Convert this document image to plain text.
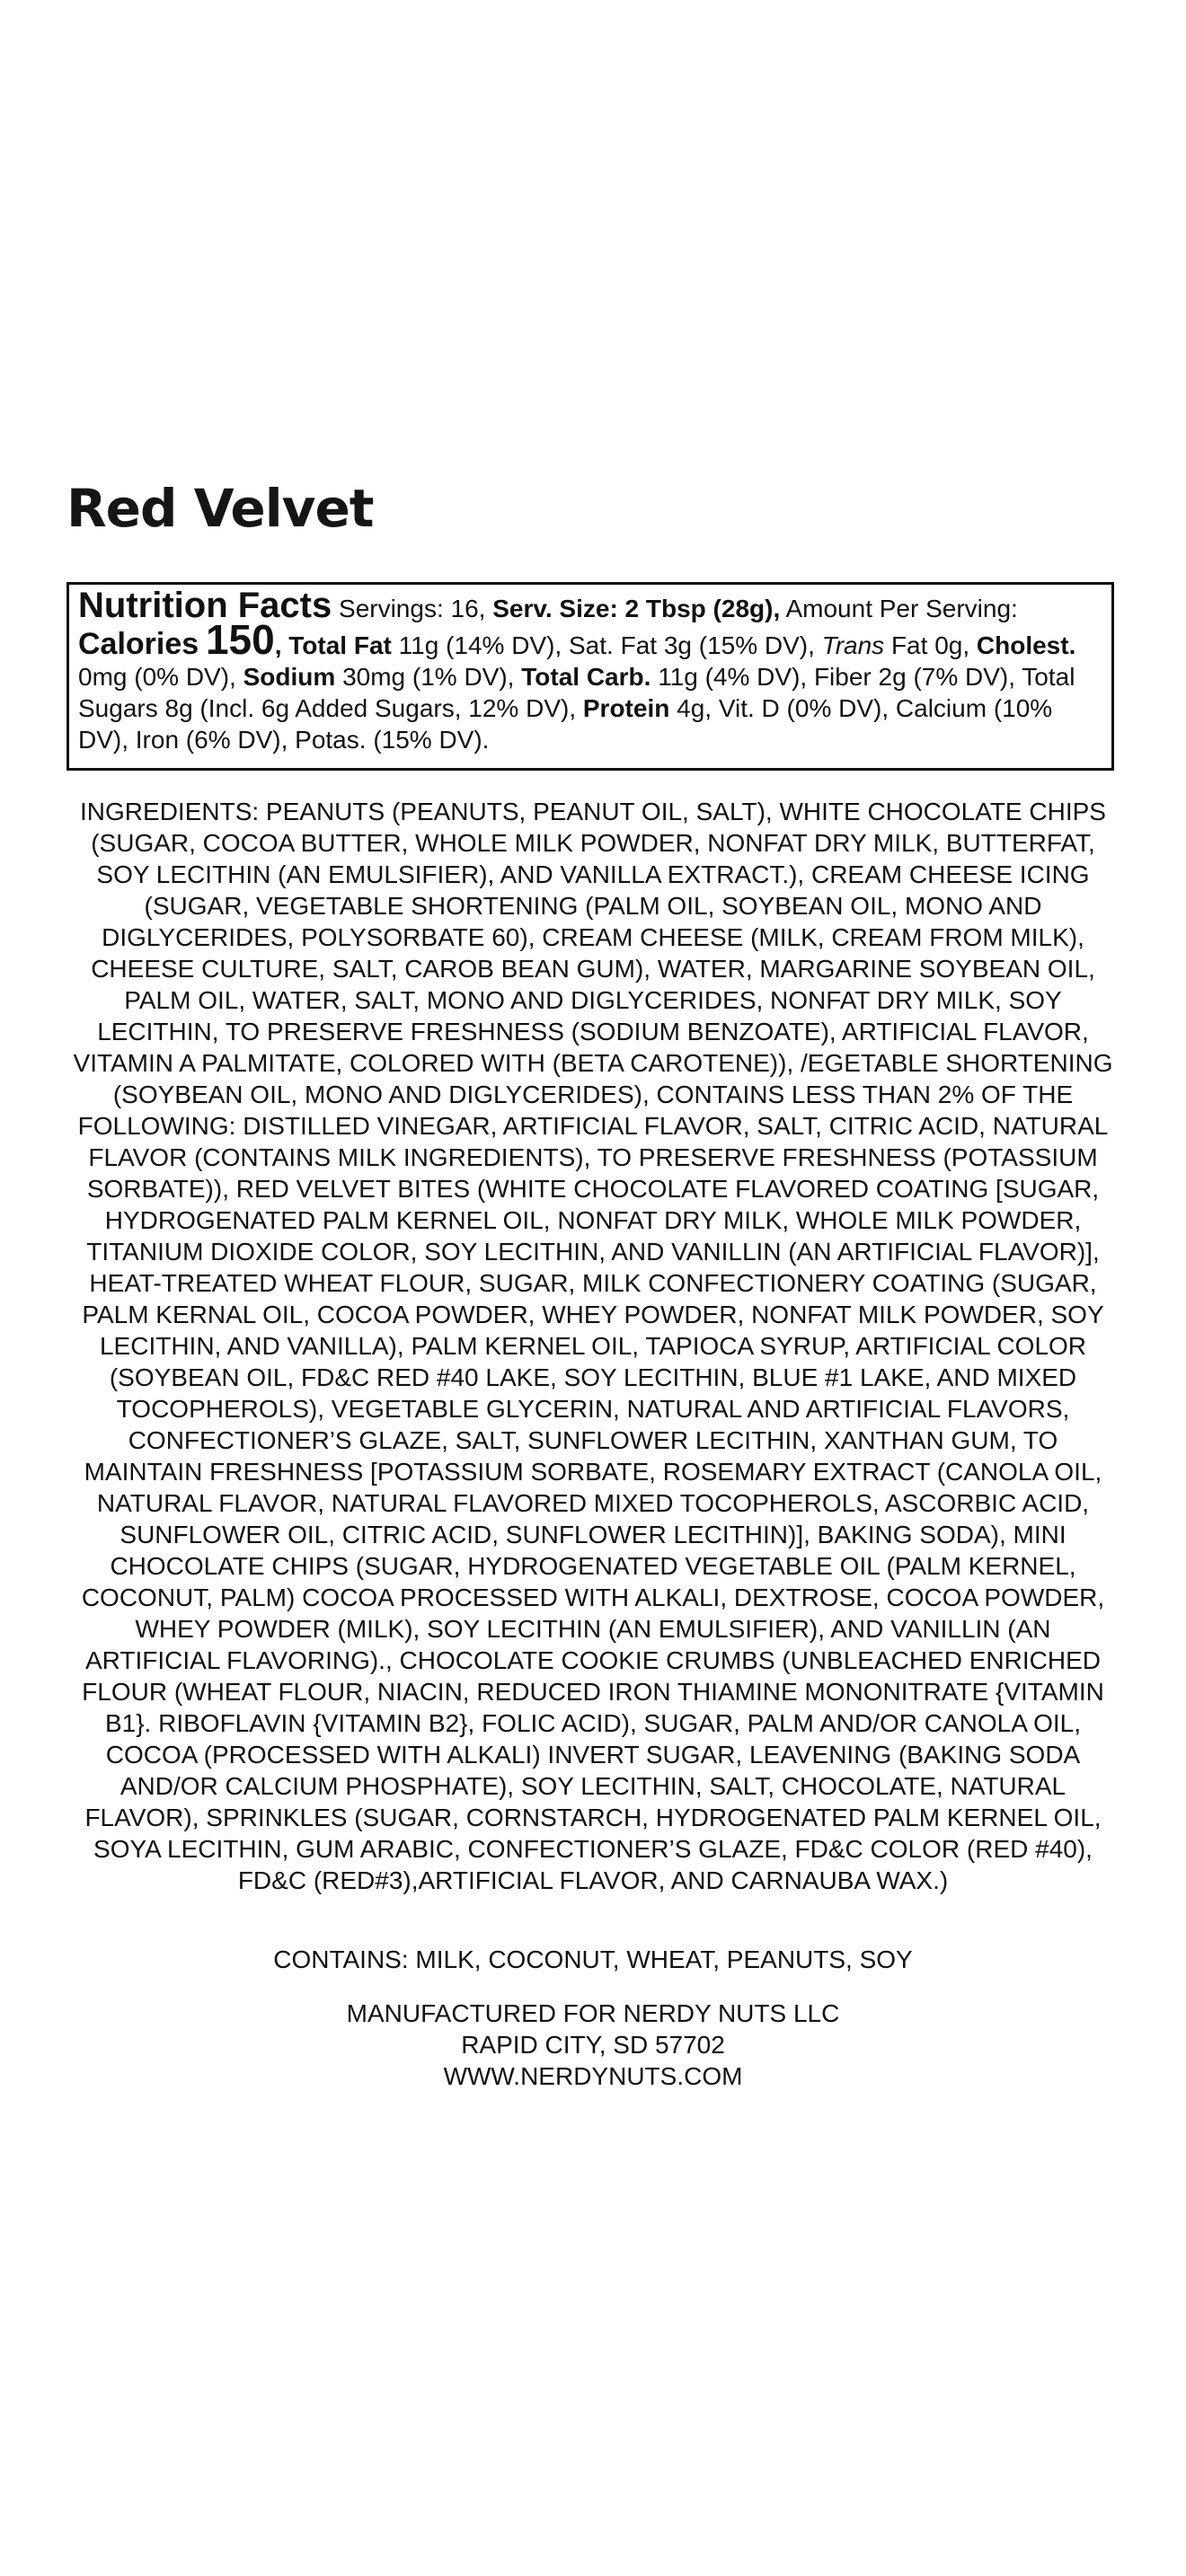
Red Velvet
Nutrition Facts Servings: 16, Serv. Size: 2 Tbsp (28g), Amount Per Serving: Calories 150, Total Fat 11g (14% DV), Sat. Fat 3g (15% DV), Trans Fat 0g, Cholest. 0mg (0% DV), Sodium 30mg (1% DV), Total Carb. 11g (4% DV), Fiber 2g (7% DV), Total Sugars 8g (Incl. 6g Added Sugars, 12% DV), Protein 4g, Vit. D (0% DV), Calcium (10% DV), Iron (6% DV), Potas. (15% DV).

INGREDIENTS: PEANUTS (PEANUTS, PEANUT OIL, SALT), WHITE CHOCOLATE CHIPS (SUGAR, COCOA BUTTER, WHOLE MILK POWDER, NONFAT DRY MILK, BUTTERFAT, SOY LECITHIN (AN EMULSIFIER), AND VANILLA EXTRACT.), CREAM CHEESE ICING (SUGAR, VEGETABLE SHORTENING (PALM OIL, SOYBEAN OIL, MONO AND DIGLYCERIDES, POLYSORBATE 60), CREAM CHEESE (MILK, CREAM FROM MILK), CHEESE CULTURE, SALT, CAROB BEAN GUM), WATER, MARGARINE SOYBEAN OIL, PALM OIL, WATER, SALT, MONO AND DIGLYCERIDES, NONFAT DRY MILK, SOY LECITHIN, TO PRESERVE FRESHNESS (SODIUM BENZOATE), ARTIFICIAL FLAVOR, VITAMIN A PALMITATE, COLORED WITH (BETA CAROTENE)), /EGETABLE SHORTENING (SOYBEAN OIL, MONO AND DIGLYCERIDES), CONTAINS LESS THAN 2% OF THE FOLLOWING: DISTILLED VINEGAR, ARTIFICIAL FLAVOR, SALT, CITRIC ACID, NATURAL FLAVOR (CONTAINS MILK INGREDIENTS), TO PRESERVE FRESHNESS (POTASSIUM SORBATE)), RED VELVET BITES (WHITE CHOCOLATE FLAVORED COATING [SUGAR, HYDROGENATED PALM KERNEL OIL, NONFAT DRY MILK, WHOLE MILK POWDER, TITANIUM DIOXIDE COLOR, SOY LECITHIN, AND VANILLIN (AN ARTIFICIAL FLAVOR)], HEAT-TREATED WHEAT FLOUR, SUGAR, MILK CONFECTIONERY COATING (SUGAR, PALM KERNAL OIL, COCOA POWDER, WHEY POWDER, NONFAT MILK POWDER, SOY LECITHIN, AND VANILLA), PALM KERNEL OIL, TAPIOCA SYRUP, ARTIFICIAL COLOR (SOYBEAN OIL, FD&C RED #40 LAKE, SOY LECITHIN, BLUE #1 LAKE, AND MIXED TOCOPHEROLS), VEGETABLE GLYCERIN, NATURAL AND ARTIFICIAL FLAVORS, CONFECTIONER’S GLAZE, SALT, SUNFLOWER LECITHIN, XANTHAN GUM, TO MAINTAIN FRESHNESS [POTASSIUM SORBATE, ROSEMARY EXTRACT (CANOLA OIL, NATURAL FLAVOR, NATURAL FLAVORED MIXED TOCOPHEROLS, ASCORBIC ACID, SUNFLOWER OIL, CITRIC ACID, SUNFLOWER LECITHIN)], BAKING SODA), MINI CHOCOLATE CHIPS (SUGAR, HYDROGENATED VEGETABLE OIL (PALM KERNEL, COCONUT, PALM) COCOA PROCESSED WITH ALKALI, DEXTROSE, COCOA POWDER, WHEY POWDER (MILK), SOY LECITHIN (AN EMULSIFIER), AND VANILLIN (AN ARTIFICIAL FLAVORING)., CHOCOLATE COOKIE CRUMBS (UNBLEACHED ENRICHED FLOUR (WHEAT FLOUR, NIACIN, REDUCED IRON THIAMINE MONONITRATE {VITAMIN B1}. RIBOFLAVIN {VITAMIN B2}, FOLIC ACID), SUGAR, PALM AND/OR CANOLA OIL, COCOA (PROCESSED WITH ALKALI) INVERT SUGAR, LEAVENING (BAKING SODA AND/OR CALCIUM PHOSPHATE), SOY LECITHIN, SALT, CHOCOLATE, NATURAL FLAVOR), SPRINKLES (SUGAR, CORNSTARCH, HYDROGENATED PALM KERNEL OIL, SOYA LECITHIN, GUM ARABIC, CONFECTIONER’S GLAZE, FD&C COLOR (RED #40), FD&C (RED#3),ARTIFICIAL FLAVOR, AND CARNAUBA WAX.)

CONTAINS: MILK, COCONUT, WHEAT, PEANUTS, SOY

MANUFACTURED FOR NERDY NUTS LLC
RAPID CITY, SD 57702
WWW.NERDYNUTS.COM
